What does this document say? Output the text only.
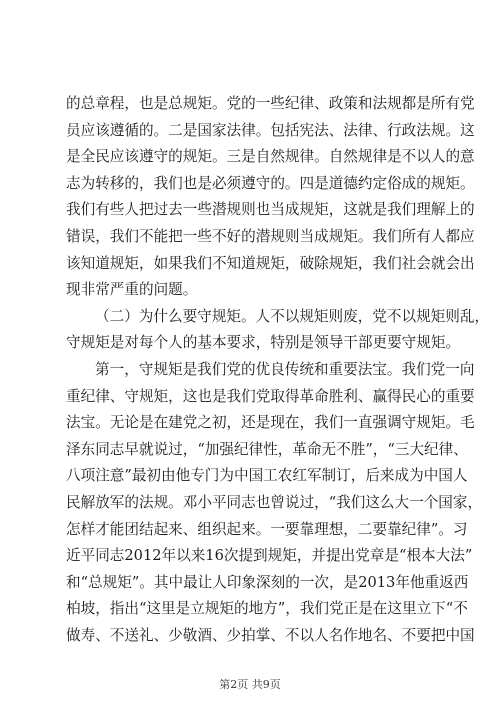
的总章程，也是总规矩。党的一些纪律、政策和法规都是所有党
员应该遵循的。二是国家法律。包括宪法、法律、行政法规。这
是全民应该遵守的规矩。三是自然规律。自然规律是不以人的意
志为转移的，我们也是必须遵守的。四是道德约定俗成的规矩。
我们有些人把过去一些潜规则也当成规矩，这就是我们理解上的
错误，我们不能把一些不好的潜规则当成规矩。我们所有人都应
该知道规矩，如果我们不知道规矩，破除规矩，我们社会就会出
现非常严重的问题。
（二）为什么要守规矩。人不以规矩则废，党不以规矩则乱，
守规矩是对每个人的基本要求，特别是领导干部更要守规矩。
第一，守规矩是我们党的优良传统和重要法宝。我们党一向
重纪律、守规矩，这也是我们党取得革命胜利、赢得民心的重要
法宝。无论是在建党之初，还是现在，我们一直强调守规矩。毛
泽东同志早就说过，“加强纪律性，革命无不胜”，“三大纪律、
八项注意”最初由他专门为中国工农红军制订，后来成为中国人
民解放军的法规。邓小平同志也曾说过，“我们这么大一个国家，
怎样才能团结起来、组织起来。一要靠理想，二要靠纪律”。习
近平同志2012年以来16次提到规矩，并提出党章是“根本大法”
和“总规矩”。其中最让人印象深刻的一次，是2013年他重返西
柏坡，指出“这里是立规矩的地方”，我们党正是在这里立下“不
做寿、不送礼、少敬酒、少拍掌、不以人名作地名、不要把中国
第2页 共9页
